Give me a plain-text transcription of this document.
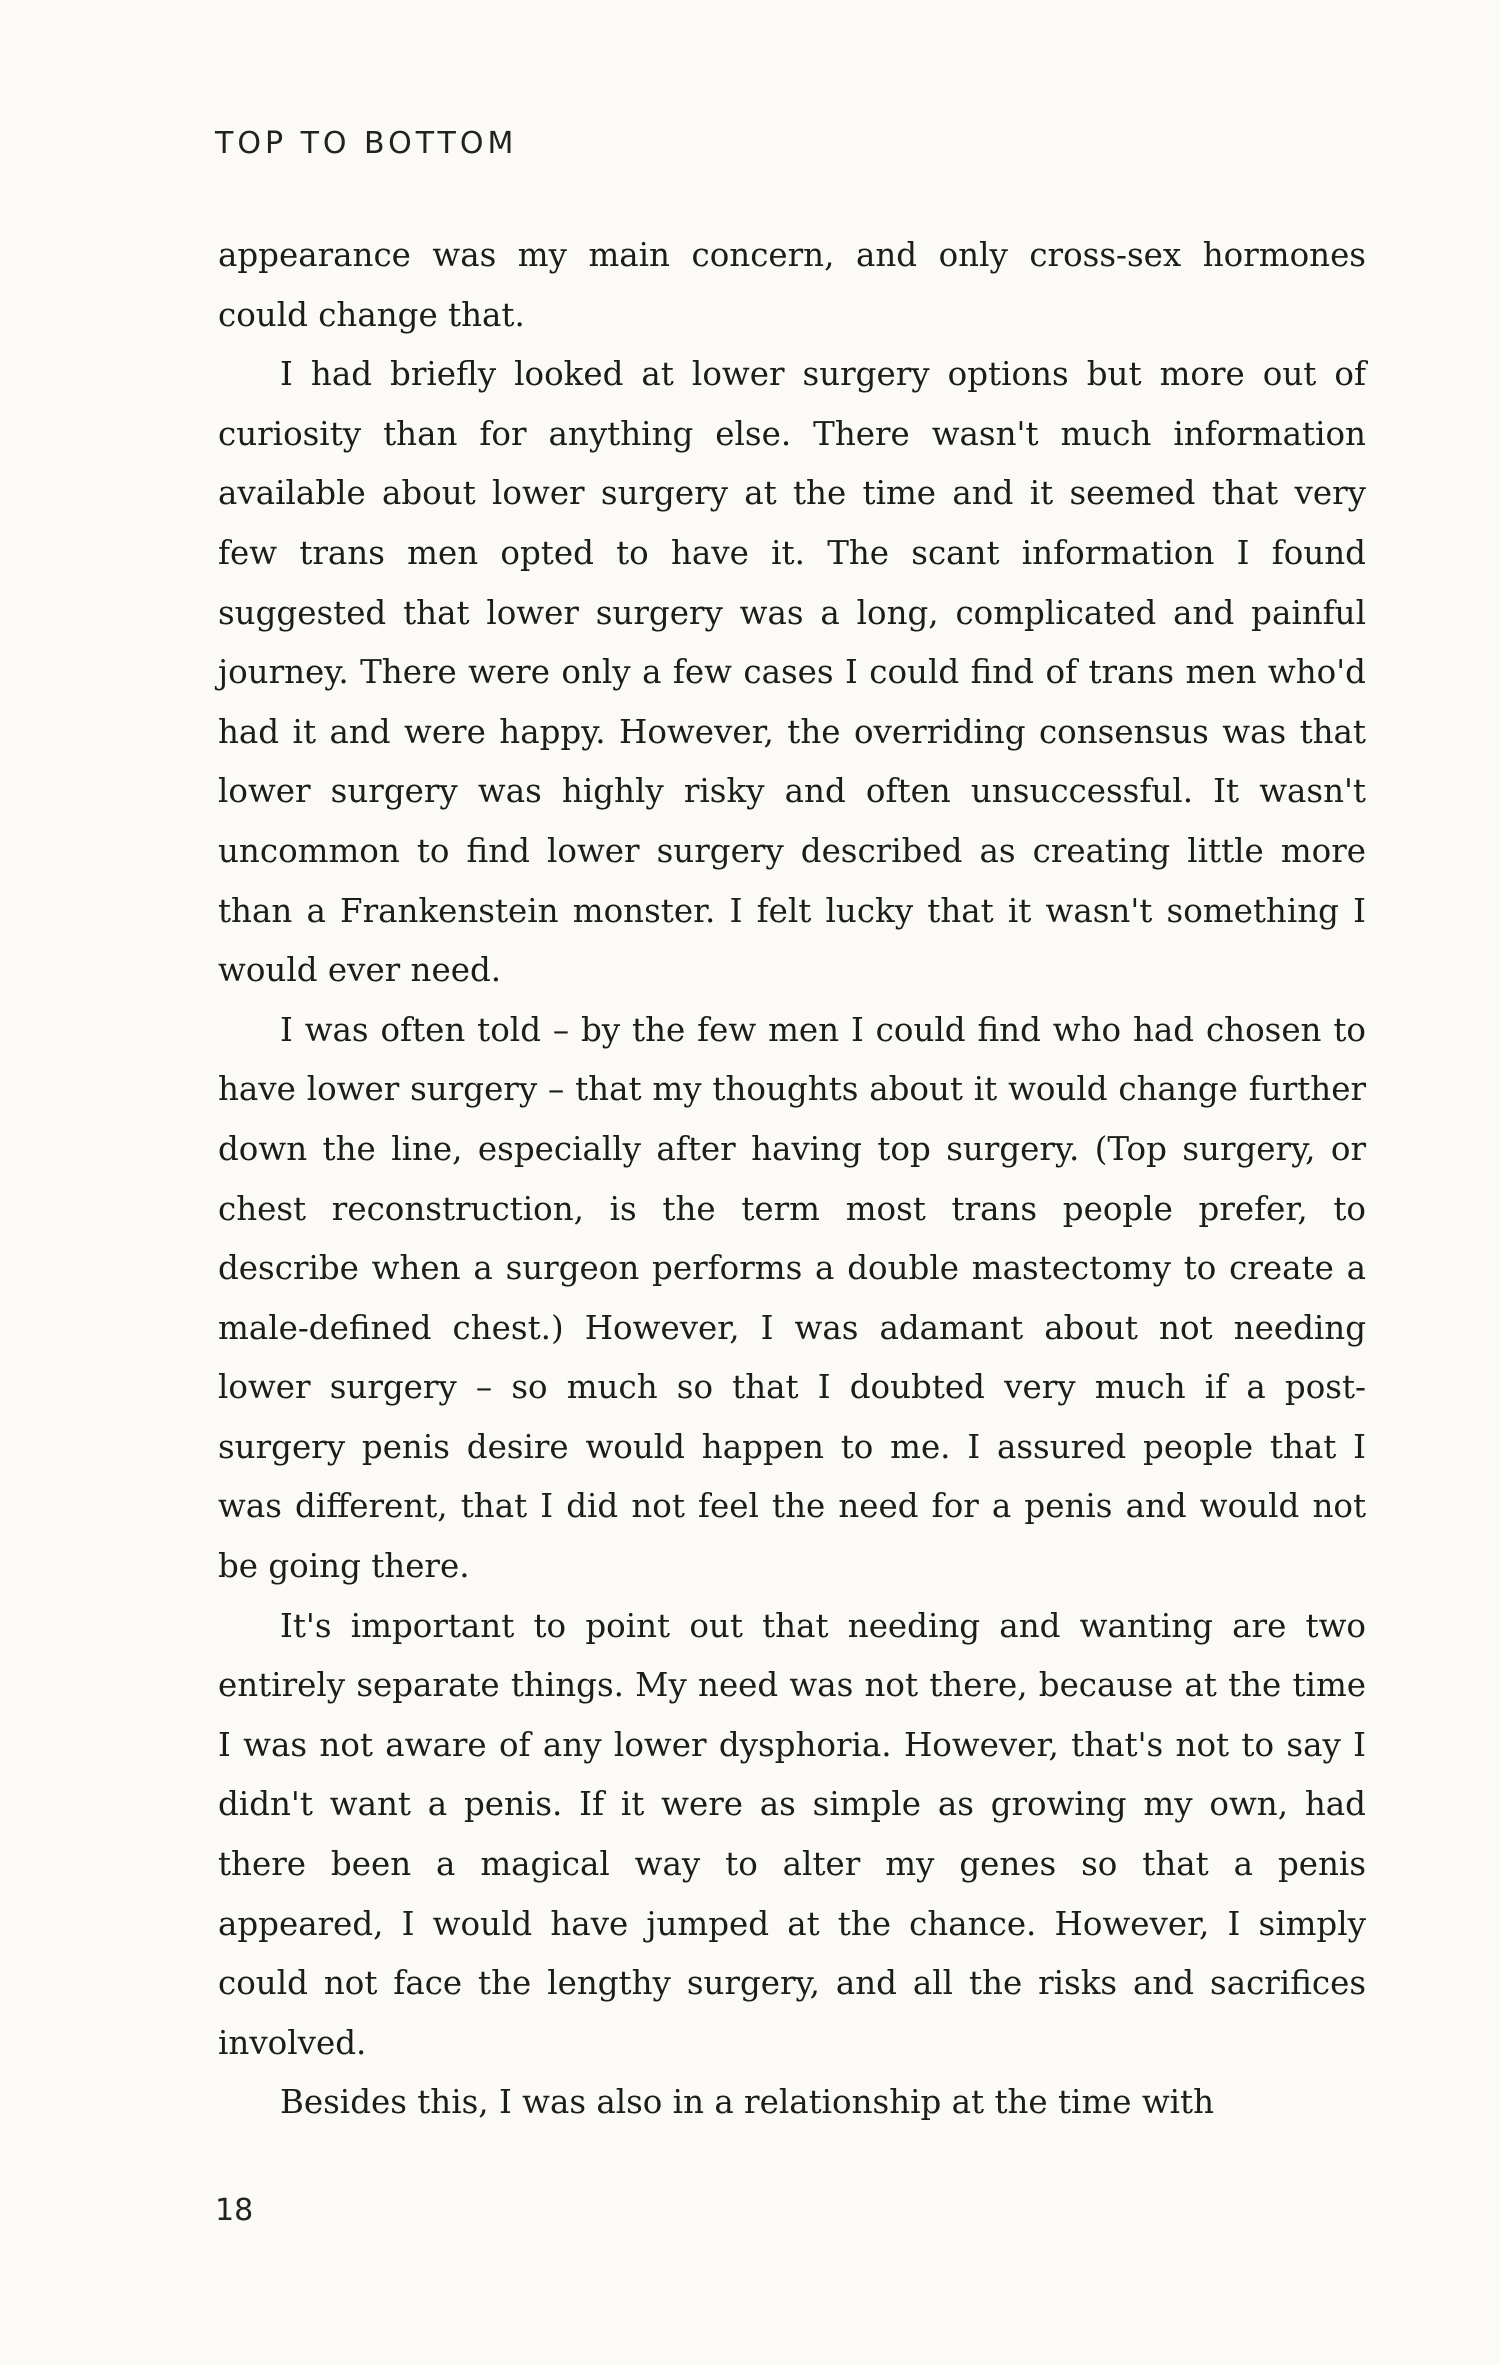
TOP TO BOTTOM

appearance was my main concern, and only cross-sex hormones could change that.

I had briefly looked at lower surgery options but more out of curiosity than for anything else. There wasn't much information available about lower surgery at the time and it seemed that very few trans men opted to have it. The scant information I found suggested that lower surgery was a long, complicated and painful journey. There were only a few cases I could find of trans men who'd had it and were happy. However, the overriding consensus was that lower surgery was highly risky and often unsuccessful. It wasn't uncommon to find lower surgery described as creating little more than a Frankenstein monster. I felt lucky that it wasn't something I would ever need.

I was often told – by the few men I could find who had chosen to have lower surgery – that my thoughts about it would change further down the line, especially after having top surgery. (Top surgery, or chest reconstruction, is the term most trans people prefer, to describe when a surgeon performs a double mastectomy to create a male-defined chest.) However, I was adamant about not needing lower surgery – so much so that I doubted very much if a post-surgery penis desire would happen to me. I assured people that I was different, that I did not feel the need for a penis and would not be going there.

It's important to point out that needing and wanting are two entirely separate things. My need was not there, because at the time I was not aware of any lower dysphoria. However, that's not to say I didn't want a penis. If it were as simple as growing my own, had there been a magical way to alter my genes so that a penis appeared, I would have jumped at the chance. However, I simply could not face the lengthy surgery, and all the risks and sacrifices involved.

Besides this, I was also in a relationship at the time with

18
